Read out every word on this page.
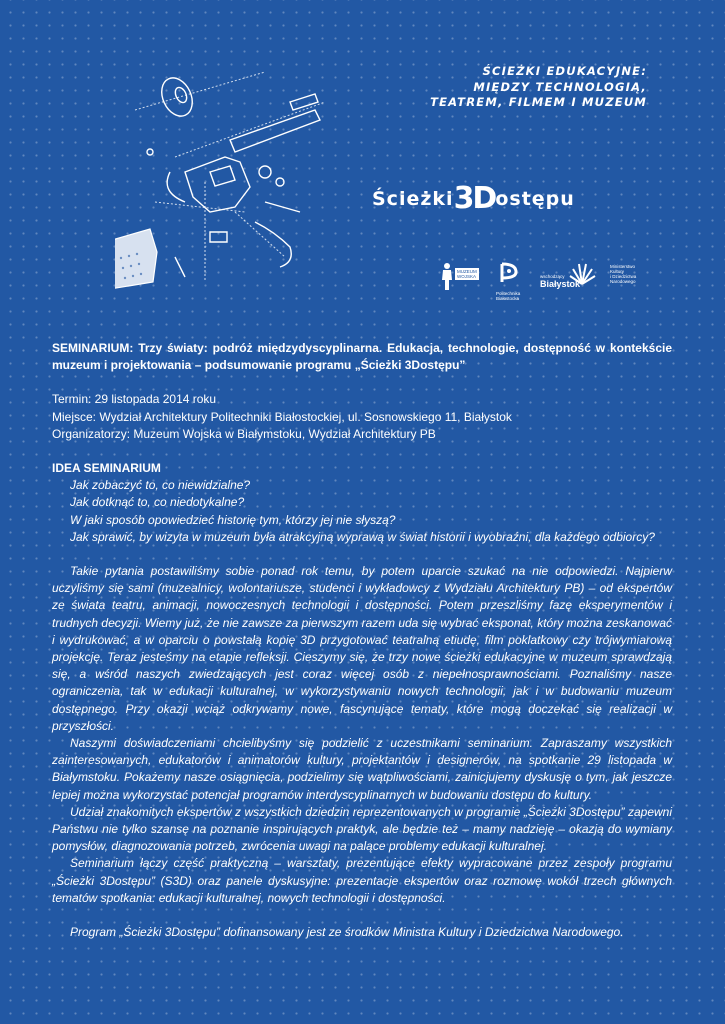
ŚCIEŻKI EDUKACYJNE:
MIĘDZY TECHNOLOGIĄ,
TEATREM, FILMEM I MUZEUM
Ścieżki3Dostępu
MUZEUM
WOJSKA
Politechnika Białostocka
wschodzący
Białystok
Ministerstwo
Kultury
i Dziedzictwa
Narodowego

SEMINARIUM: Trzy światy: podróż międzydyscyplinarna. Edukacja, technologie, dostępność w kontekście muzeum i projektowania – podsumowanie programu „Ścieżki 3Dostępu”

Termin: 29 listopada 2014 roku

Miejsce: Wydział Architektury Politechniki Białostockiej, ul. Sosnowskiego 11, Białystok

Organizatorzy: Muzeum Wojska w Białymstoku, Wydział Architektury PB

IDEA SEMINARIUM

Jak zobaczyć to, co niewidzialne?

Jak dotknąć to, co niedotykalne?

W jaki sposób opowiedzieć historię tym, którzy jej nie słyszą?

Jak sprawić, by wizyta w muzeum była atrakcyjną wyprawą w świat historii i wyobraźni, dla każdego odbiorcy?

Takie pytania postawiliśmy sobie ponad rok temu, by potem uparcie szukać na nie odpowiedzi. Najpierw uczyliśmy się sami (muzealnicy, wolontariusze, studenci i wykładowcy z Wydziału Architektury PB) – od ekspertów ze świata teatru, animacji, nowoczesnych technologii i dostępności. Potem przeszliśmy fazę eksperymentów i trudnych decyzji. Wiemy już, że nie zawsze za pierwszym razem uda się wybrać eksponat, który można zeskanować i wydrukować, a w oparciu o powstałą kopię 3D przygotować teatralną etiudę, film poklatkowy czy trójwymiarową projekcję. Teraz jesteśmy na etapie refleksji. Cieszymy się, że trzy nowe ścieżki edukacyjne w muzeum sprawdzają się, a wśród naszych zwiedzających jest coraz więcej osób z niepełnosprawnościami. Poznaliśmy nasze ograniczenia, tak w edukacji kulturalnej, w wykorzystywaniu nowych technologii, jak i w budowaniu muzeum dostępnego. Przy okazji wciąż odkrywamy nowe, fascynujące tematy, które mogą doczekać się realizacji w przyszłości.

Naszymi doświadczeniami chcielibyśmy się podzielić z uczestnikami seminarium. Zapraszamy wszystkich zainteresowanych, edukatorów i animatorów kultury, projektantów i designerów, na spotkanie 29 listopada w Białymstoku. Pokażemy nasze osiągnięcia, podzielimy się wątpliwościami, zainicjujemy dyskusję o tym, jak jeszcze lepiej można wykorzystać potencjał programów interdyscyplinarnych w budowaniu dostępu do kultury.

Udział znakomitych ekspertów z wszystkich dziedzin reprezentowanych w programie „Ścieżki 3Dostępu” zapewni Państwu nie tylko szansę na poznanie inspirujących praktyk, ale będzie też – mamy nadzieję – okazją do wymiany pomysłów, diagnozowania potrzeb, zwrócenia uwagi na palące problemy edukacji kulturalnej.

Seminarium łączy część praktyczną – warsztaty, prezentujące efekty wypracowane przez zespoły programu „Ścieżki 3Dostępu” (S3D) oraz panele dyskusyjne: prezentacje ekspertów oraz rozmowę wokół trzech głównych tematów spotkania: edukacji kulturalnej, nowych technologii i dostępności.

Program „Ścieżki 3Dostępu” dofinansowany jest ze środków Ministra Kultury i Dziedzictwa Narodowego.
